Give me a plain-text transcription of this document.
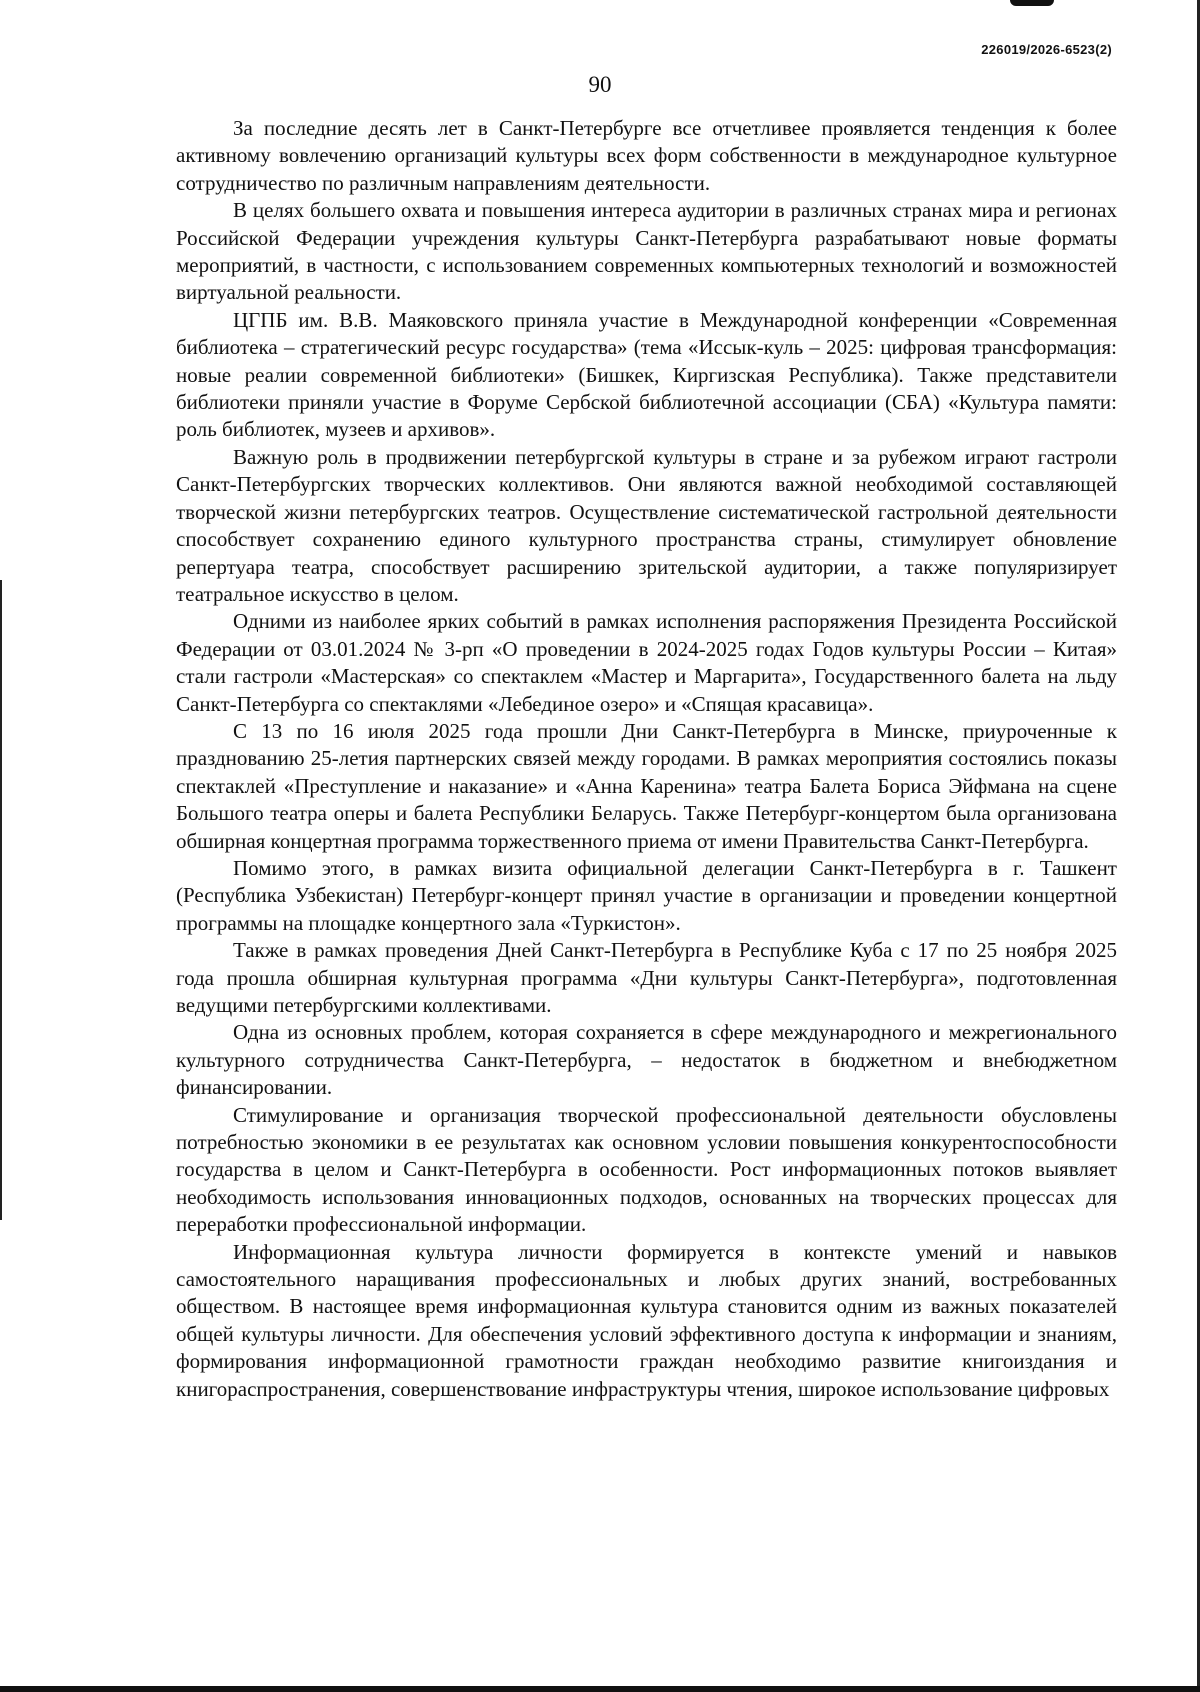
226019/2026-6523(2)
90

За последние десять лет в Санкт-Петербурге все отчетливее проявляется тенденция к более активному вовлечению организаций культуры всех форм собственности в международное культурное сотрудничество по различным направлениям деятельности.

В целях большего охвата и повышения интереса аудитории в различных странах мира и регионах Российской Федерации учреждения культуры Санкт-Петербурга разрабатывают новые форматы мероприятий, в частности, с использованием современных компьютерных технологий и возможностей виртуальной реальности.

ЦГПБ им. В.В. Маяковского приняла участие в Международной конференции «Современная библиотека – стратегический ресурс государства» (тема «Иссык-куль – 2025: цифровая трансформация: новые реалии современной библиотеки» (Бишкек, Киргизская Республика). Также представители библиотеки приняли участие в Форуме Сербской библиотечной ассоциации (СБА) «Культура памяти: роль библиотек, музеев и архивов».

Важную роль в продвижении петербургской культуры в стране и за рубежом играют гастроли Санкт-Петербургских творческих коллективов. Они являются важной необходимой составляющей творческой жизни петербургских театров. Осуществление систематической гастрольной деятельности способствует сохранению единого культурного пространства страны, стимулирует обновление репертуара театра, способствует расширению зрительской аудитории, а также популяризирует театральное искусство в целом.

Одними из наиболее ярких событий в рамках исполнения распоряжения Президента Российской Федерации от 03.01.2024 № 3-рп «О проведении в 2024-2025 годах Годов культуры России – Китая» стали гастроли «Мастерская» со спектаклем «Мастер и Маргарита», Государственного балета на льду Санкт-Петербурга со спектаклями «Лебединое озеро» и «Спящая красавица».

С 13 по 16 июля 2025 года прошли Дни Санкт-Петербурга в Минске, приуроченные к празднованию 25-летия партнерских связей между городами. В рамках мероприятия состоялись показы спектаклей «Преступление и наказание» и «Анна Каренина» театра Балета Бориса Эйфмана на сцене Большого театра оперы и балета Республики Беларусь. Также Петербург-концертом была организована обширная концертная программа торжественного приема от имени Правительства Санкт-Петербурга.

Помимо этого, в рамках визита официальной делегации Санкт-Петербурга в г. Ташкент (Республика Узбекистан) Петербург-концерт принял участие в организации и проведении концертной программы на площадке концертного зала «Туркистон».

Также в рамках проведения Дней Санкт-Петербурга в Республике Куба с 17 по 25 ноября 2025 года прошла обширная культурная программа «Дни культуры Санкт-Петербурга», подготовленная ведущими петербургскими коллективами.

Одна из основных проблем, которая сохраняется в сфере международного и межрегионального культурного сотрудничества Санкт-Петербурга, – недостаток в бюджетном и внебюджетном финансировании.

Стимулирование и организация творческой профессиональной деятельности обусловлены потребностью экономики в ее результатах как основном условии повышения конкурентоспособности государства в целом и Санкт-Петербурга в особенности. Рост информационных потоков выявляет необходимость использования инновационных подходов, основанных на творческих процессах для переработки профессиональной информации.

Информационная культура личности формируется в контексте умений и навыков самостоятельного наращивания профессиональных и любых других знаний, востребованных обществом. В настоящее время информационная культура становится одним из важных показателей общей культуры личности. Для обеспечения условий эффективного доступа к информации и знаниям, формирования информационной грамотности граждан необходимо развитие книгоиздания и книгораспространения, совершенствование инфраструктуры чтения, широкое использование цифровых
